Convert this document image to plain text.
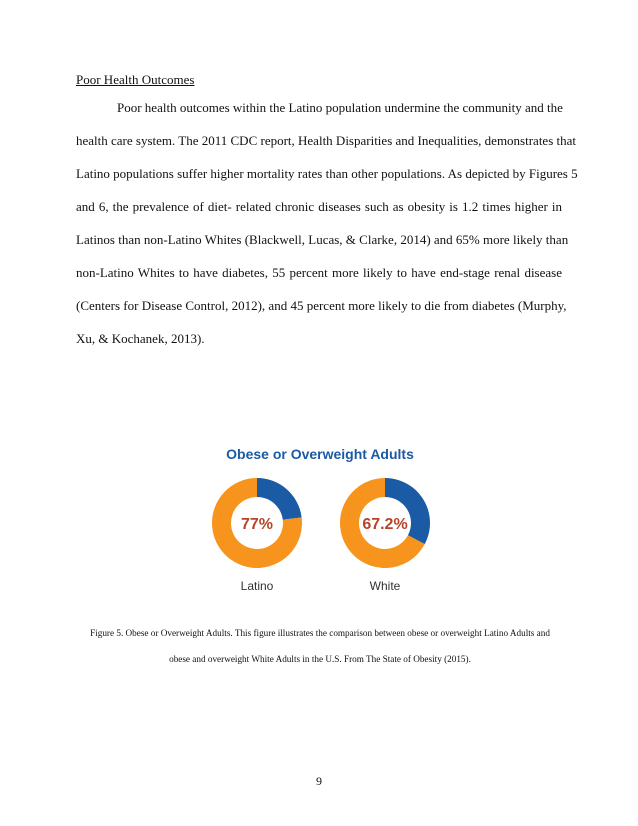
Poor Health Outcomes
Poor health outcomes within the Latino population undermine the community and the
health care system. The 2011 CDC report, Health Disparities and Inequalities, demonstrates that
Latino populations suffer higher mortality rates than other populations. As depicted by Figures 5
and 6, the prevalence of diet- related chronic diseases such as obesity is 1.2 times higher in
Latinos than non-Latino Whites (Blackwell, Lucas, & Clarke, 2014) and 65% more likely than
non-Latino Whites to have diabetes, 55 percent more likely to have end-stage renal disease
(Centers for Disease Control, 2012), and 45 percent more likely to die from diabetes (Murphy,
Xu, & Kochanek, 2013).
Obese or Overweight Adults
77%	67.2%
Latino	White
Figure 5. Obese or Overweight Adults. This figure illustrates the comparison between obese or overweight Latino Adults and
obese and overweight White Adults in the U.S. From The State of Obesity (2015).
9
